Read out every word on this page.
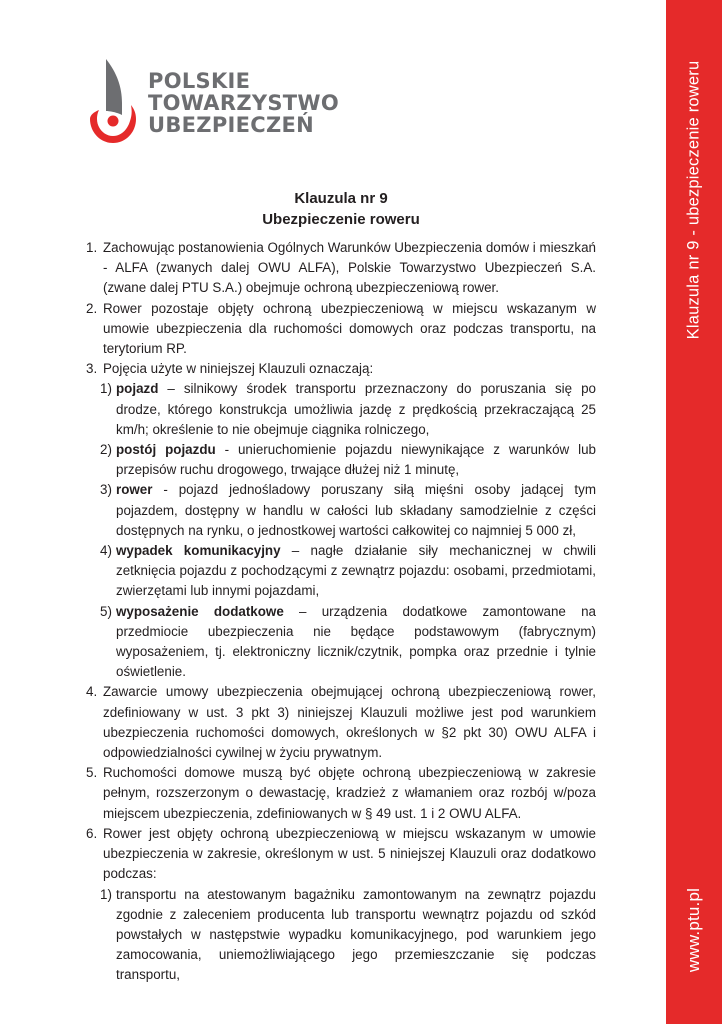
Klauzula nr 9 - ubezpieczenie roweru
www.ptu.pl
POLSKIE
TOWARZYSTWO
UBEZPIECZEŃ
Klauzula nr 9
Ubezpieczenie roweru
1. Zachowując postanowienia Ogólnych Warunków Ubezpieczenia domów i mieszkań - ALFA (zwanych dalej OWU ALFA), Polskie Towarzystwo Ubezpieczeń S.A. (zwane dalej PTU S.A.) obejmuje ochroną ubezpieczeniową rower.
2. Rower pozostaje objęty ochroną ubezpieczeniową w miejscu wskazanym w umowie ubezpieczenia dla ruchomości domowych oraz podczas transportu, na terytorium RP.
3. Pojęcia użyte w niniejszej Klauzuli oznaczają:
1) pojazd – silnikowy środek transportu przeznaczony do poruszania się po drodze, którego konstrukcja umożliwia jazdę z prędkością przekraczającą 25 km/h; określenie to nie obejmuje ciągnika rolniczego,
2) postój pojazdu - unieruchomienie pojazdu niewynikające z warunków lub przepisów ruchu drogowego, trwające dłużej niż 1 minutę,
3) rower - pojazd jednośladowy poruszany siłą mięśni osoby jadącej tym pojazdem, dostępny w handlu w całości lub składany samodzielnie z części dostępnych na rynku, o jednostkowej wartości całkowitej co najmniej 5 000 zł,
4) wypadek komunikacyjny – nagłe działanie siły mechanicznej w chwili zetknięcia pojazdu z pochodzącymi z zewnątrz pojazdu: osobami, przedmiotami, zwierzętami lub innymi pojazdami,
5) wyposażenie dodatkowe – urządzenia dodatkowe zamontowane na przedmiocie ubezpieczenia nie będące podstawowym (fabrycznym) wyposażeniem, tj. elektroniczny licznik/czytnik, pompka oraz przednie i tylnie oświetlenie.
4. Zawarcie umowy ubezpieczenia obejmującej ochroną ubezpieczeniową rower, zdefiniowany w ust. 3 pkt 3) niniejszej Klauzuli możliwe jest pod warunkiem ubezpieczenia ruchomości domowych, określonych w §2 pkt 30) OWU ALFA i odpowiedzialności cywilnej w życiu prywatnym.
5. Ruchomości domowe muszą być objęte ochroną ubezpieczeniową w zakresie pełnym, rozszerzonym o dewastację, kradzież z włamaniem oraz rozbój w/poza miejscem ubezpieczenia, zdefiniowanych w § 49 ust. 1 i 2 OWU ALFA.
6. Rower jest objęty ochroną ubezpieczeniową w miejscu wskazanym w umowie ubezpieczenia w zakresie, określonym w ust. 5 niniejszej Klauzuli oraz dodatkowo podczas:
1) transportu na atestowanym bagażniku zamontowanym na zewnątrz pojazdu zgodnie z zaleceniem producenta lub transportu wewnątrz pojazdu od szkód powstałych w następstwie wypadku komunikacyjnego, pod warunkiem jego zamocowania, uniemożliwiającego jego przemieszczanie się podczas transportu,
